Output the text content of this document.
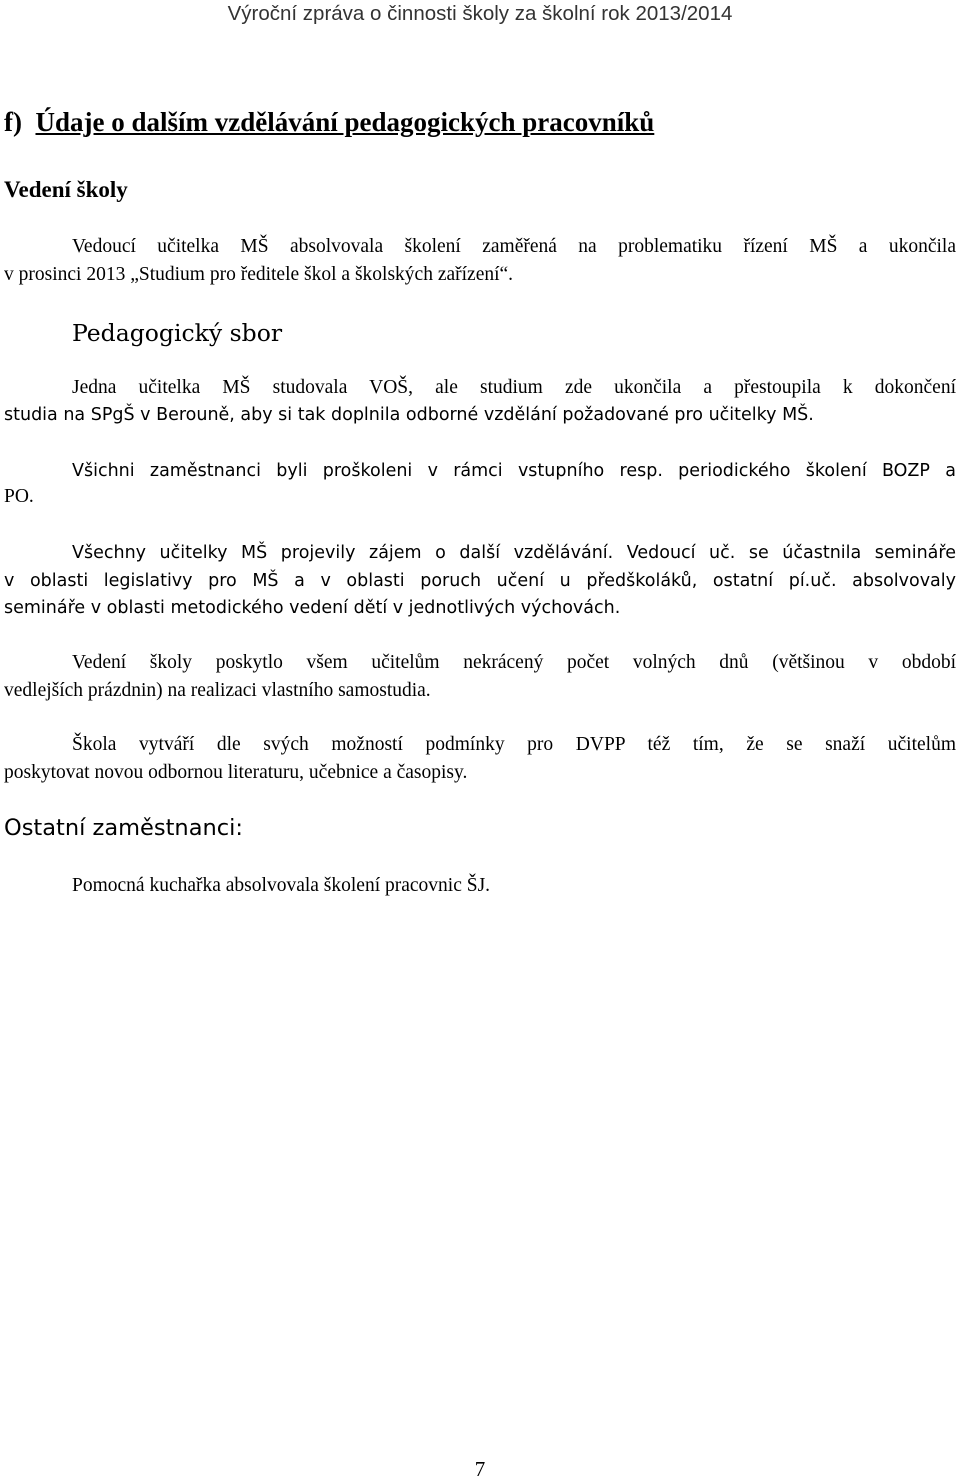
Výroční zpráva o činnosti školy za školní rok 2013/2014
f) Údaje o dalším vzdělávání pedagogických pracovníků
Vedení školy
Vedoucí učitelka MŠ absolvovala školení zaměřená na problematiku řízení MŠ a ukončila
v prosinci 2013 „Studium pro ředitele škol a školských zařízení“.
Pedagogický sbor
Jedna učitelka MŠ studovala VOŠ, ale studium zde ukončila a přestoupila k dokončení
studia na SPgŠ v Berouně, aby si tak doplnila odborné vzdělání požadované pro učitelky MŠ.
Všichni zaměstnanci byli proškoleni v rámci vstupního resp. periodického školení BOZP a
PO.
Všechny učitelky MŠ projevily zájem o další vzdělávání. Vedoucí uč. se účastnila semináře
v oblasti legislativy pro MŠ a v oblasti poruch učení u předškoláků, ostatní pí.uč. absolvovaly
semináře v oblasti metodického vedení dětí v jednotlivých výchovách.
Vedení školy poskytlo všem učitelům nekrácený počet volných dnů (většinou v období
vedlejších prázdnin) na realizaci vlastního samostudia.
Škola vytváří dle svých možností podmínky pro DVPP též tím, že se snaží učitelům
poskytovat novou odbornou literaturu, učebnice a časopisy.
Ostatní zaměstnanci:
Pomocná kuchařka absolvovala školení pracovnic ŠJ.
7
